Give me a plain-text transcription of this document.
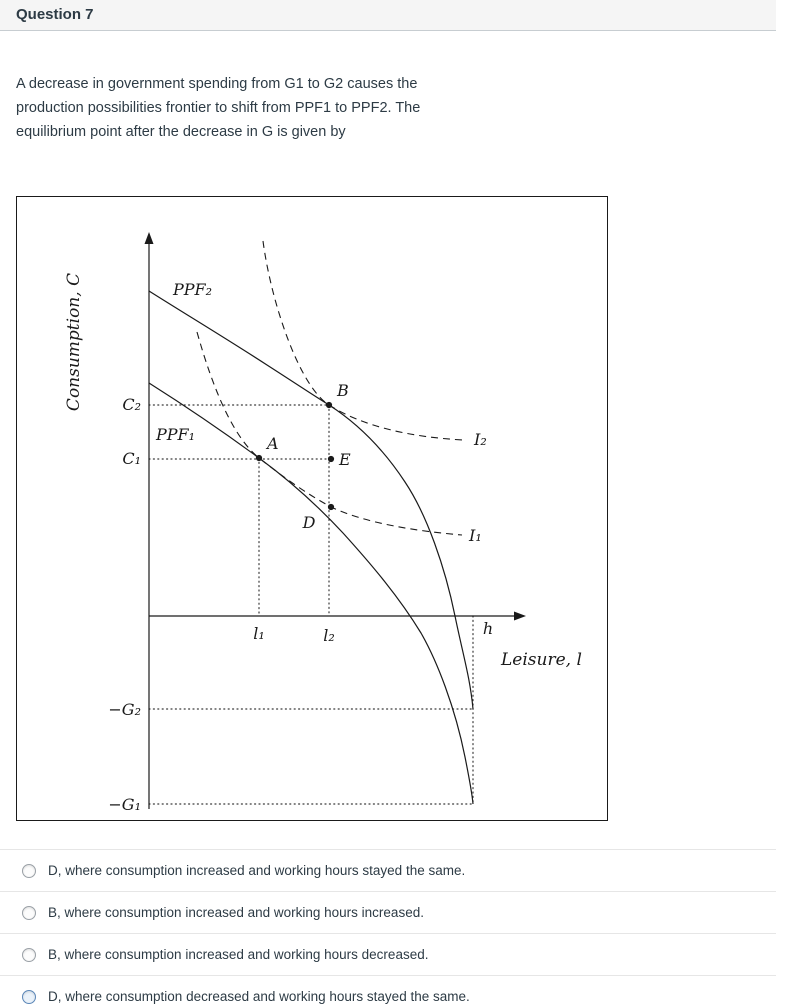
Question 7

A decrease in government spending from G1 to G2 causes the production possibilities frontier to shift from PPF1 to PPF2. The equilibrium point after the decrease in G is given by

Consumption, C
Leisure, l
PPF₂
PPF₁	I₂
I₁
C₂
C₁
−G₂
−G₁
l₁	l₂	h
A
B
D
E
D, where consumption increased and working hours stayed the same.
B, where consumption increased and working hours increased.
B, where consumption increased and working hours decreased.
D, where consumption decreased and working hours stayed the same.
